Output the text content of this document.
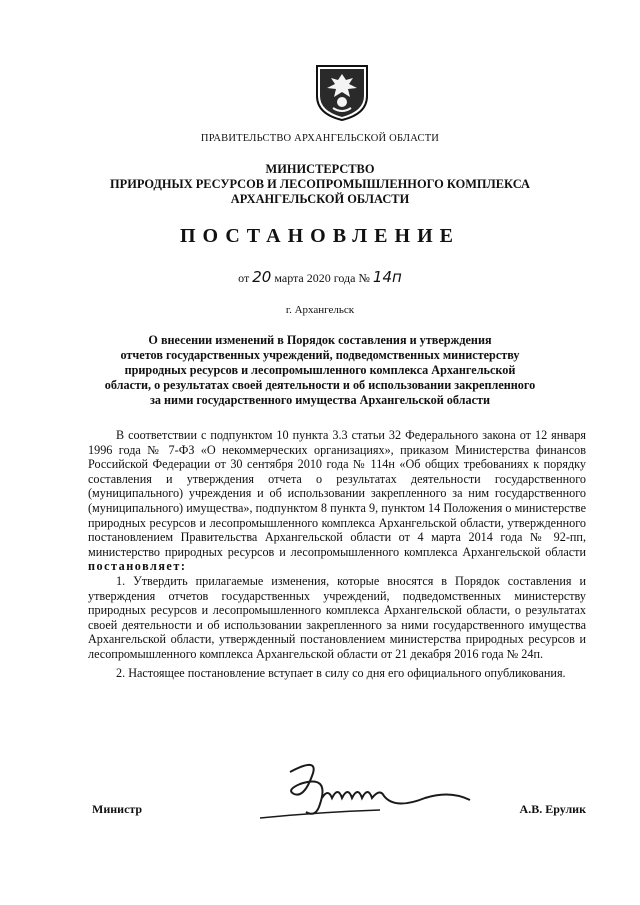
ПРАВИТЕЛЬСТВО АРХАНГЕЛЬСКОЙ ОБЛАСТИ
МИНИСТЕРСТВО
ПРИРОДНЫХ РЕСУРСОВ И ЛЕСОПРОМЫШЛЕННОГО КОМПЛЕКСА
АРХАНГЕЛЬСКОЙ ОБЛАСТИ
ПОСТАНОВЛЕНИЕ
от 20 марта 2020 года № 14п
г. Архангельск
О внесении изменений в Порядок составления и утверждения
отчетов государственных учреждений, подведомственных министерству
природных ресурсов и лесопромышленного комплекса Архангельской
области, о результатах своей деятельности и об использовании закрепленного
за ними государственного имущества Архангельской области

В соответствии с подпунктом 10 пункта 3.3 статьи 32 Федерального закона от 12 января 1996 года № 7-ФЗ «О некоммерческих организациях», приказом Министерства финансов Российской Федерации от 30 сентября 2010 года № 114н «Об общих требованиях к порядку составления и утверждения отчета о результатах деятельности государственного (муниципального) учреждения и об использовании закрепленного за ним государственного (муниципального) имущества», подпунктом 8 пункта 9, пунктом 14 Положения о министерстве природных ресурсов и лесопромышленного комплекса Архангельской области, утвержденного постановлением Правительства Архангельской области от 4 марта 2014 года № 92-пп, министерство природных ресурсов и лесопромышленного комплекса Архангельской области постановляет:

1. Утвердить прилагаемые изменения, которые вносятся в Порядок составления и утверждения отчетов государственных учреждений, подведомственных министерству природных ресурсов и лесопромышленного комплекса Архангельской области, о результатах своей деятельности и об использовании закрепленного за ними государственного имущества Архангельской области, утвержденный постановлением министерства природных ресурсов и лесопромышленного комплекса Архангельской области от 21 декабря 2016 года № 24п.

2. Настоящее постановление вступает в силу со дня его официального опубликования.

Министр	А.В. Ерулик
